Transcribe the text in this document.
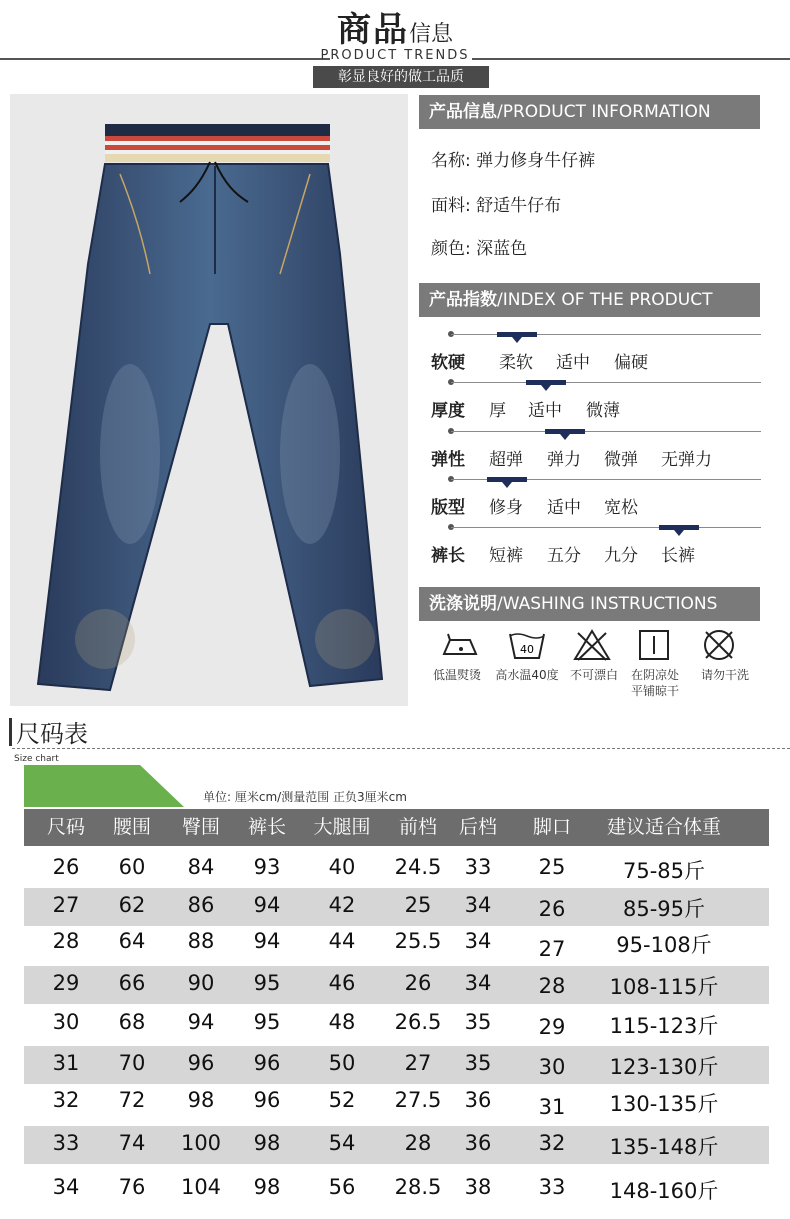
商品信息
PRODUCT TRENDS
彰显良好的做工品质
产品信息/PRODUCT INFORMATION
名称: 弹力修身牛仔裤
面料: 舒适牛仔布
颜色: 深蓝色
产品指数/INDEX OF THE PRODUCT
软硬 柔软 适中 偏硬
厚度 厚 适中 微薄
弹性 超弹 弹力 微弹 无弹力
版型 修身 适中 宽松
裤长 短裤 五分 九分 长裤
洗涤说明/WASHING INSTRUCTIONS
40
低温熨烫	高水温40度 不可漂白	在阴凉处
平铺晾干
请勿干洗
尺码表
Size chart
单位: 厘米cm/测量范围 正负3厘米cm
尺码	腰围	臀围	裤长	大腿围	前档	后档	脚口	建议适合体重
26	60	84	93	40	24.5	33	25	75-85斤
27	62	86	94	42	25	34	26	85-95斤
28	64	88	94	44	25.5	34	27	95-108斤
29	66	90	95	46	26	34	28	108-115斤
30	68	94	95	48	26.5	35	29	115-123斤
31	70	96	96	50	27	35	30	123-130斤
32	72	98	96	52	27.5	36	31	130-135斤
33	74	100	98	54	28	36	32	135-148斤
34	76	104	98	56	28.5	38	33	148-160斤
